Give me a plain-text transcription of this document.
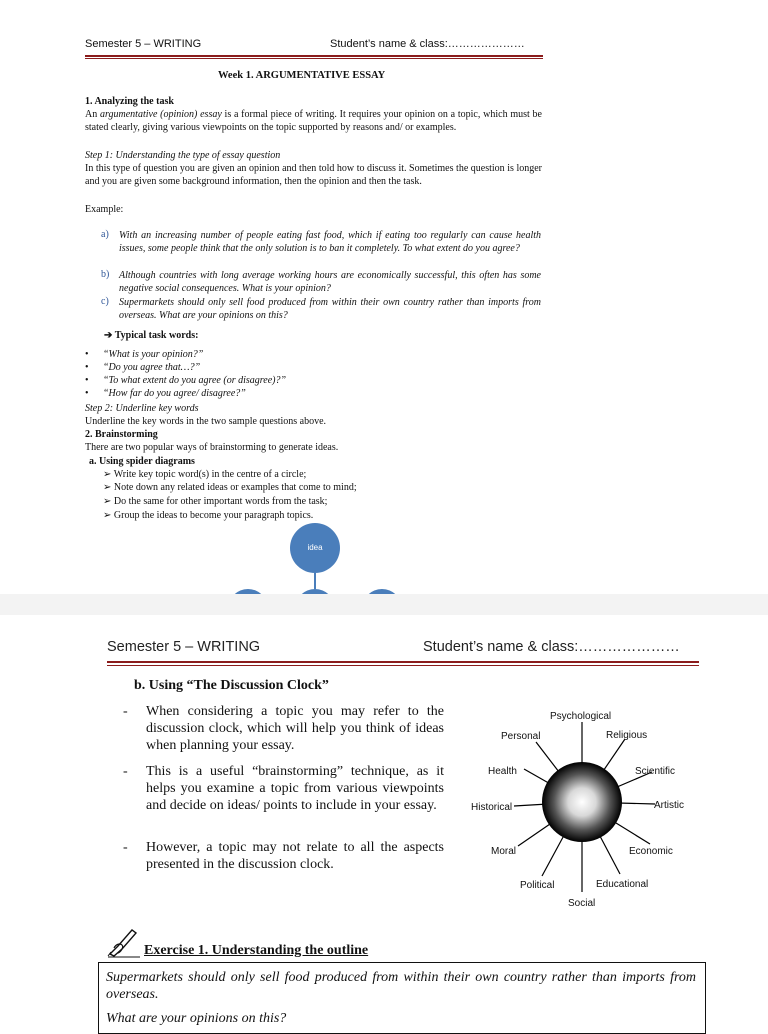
Semester 5 – WRITING	Student’s name & class:…………………
Week 1. ARGUMENTATIVE ESSAY
1. Analyzing the task
An argumentative (opinion) essay is a formal piece of writing. It requires your opinion on a topic, which must be stated clearly, giving various viewpoints on the topic supported by reasons and/ or examples.
Step 1: Understanding the type of essay question
In this type of question you are given an opinion and then told how to discuss it. Sometimes the question is longer and you are given some background information, then the opinion and then the task.
Example:
a) With an increasing number of people eating fast food, which if eating too regularly can cause health issues, some people think that the only solution is to ban it completely. To what extent do you agree?
b) Although countries with long average working hours are economically successful, this often has some negative social consequences. What is your opinion?
c) Supermarkets should only sell food produced from within their own country rather than imports from overseas. What are your opinions on this?
➔ Typical task words:
• “What is your opinion?”
• “Do you agree that…?”
• “To what extent do you agree (or disagree)?”
• “How far do you agree/ disagree?”
Step 2: Underline key words
Underline the key words in the two sample questions above.
2. Brainstorming
There are two popular ways of brainstorming to generate ideas.
a. Using spider diagrams
➢ Write key topic word(s) in the centre of a circle;
➢ Note down any related ideas or examples that come to mind;
➢ Do the same for other important words from the task;
➢ Group the ideas to become your paragraph topics.
idea
Semester 5 – WRITING	Student’s name & class:…………………
b. Using “The Discussion Clock”
- When considering a topic you may refer to the discussion clock, which will help you think of ideas when planning your essay.
- This is a useful “brainstorming” technique, as it helps you examine a topic from various viewpoints and decide on ideas/ points to include in your essay.
- However, a topic may not relate to all the aspects presented in the discussion clock.
Psychological
Religious
Scientific
Artistic
Economic
Educational
Social
Political
Moral
Historical
Health
Personal
Exercise 1. Understanding the outline
Supermarkets should only sell food produced from within their own country rather than imports from overseas.
What are your opinions on this?
